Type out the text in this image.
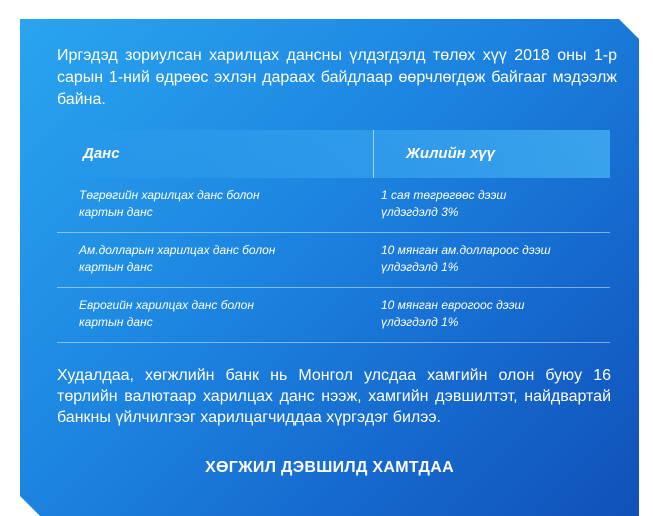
Иргэдэд зориулсан харилцах дансны үлдэгдэлд төлөх хүү 2018 оны 1-р сарын 1-ний өдрөөс эхлэн дараах байдлаар өөрчлөгдөж байгааг мэдээлж байна.

Данс	Жилийн хүү
Төгрөгийн харилцах данс болон
картын данс
1 сая төгрөгөөс дээш
үлдэгдэлд 3%
Ам.долларын харилцах данс болон
картын данс
10 мянган ам.доллароос дээш
үлдэгдэлд 1%
Еврогийн харилцах данс болон
картын данс
10 мянган еврогоос дээш
үлдэгдэлд 1%

Худалдаа, хөгжлийн банк нь Монгол улсдаа хамгийн олон буюу 16 төрлийн валютаар харилцах данс нээж, хамгийн дэвшилтэт, найдвартай банкны үйлчилгээг харилцагчиддаа хүргэдэг билээ.

ХӨГЖИЛ ДЭВШИЛД ХАМТДАА
